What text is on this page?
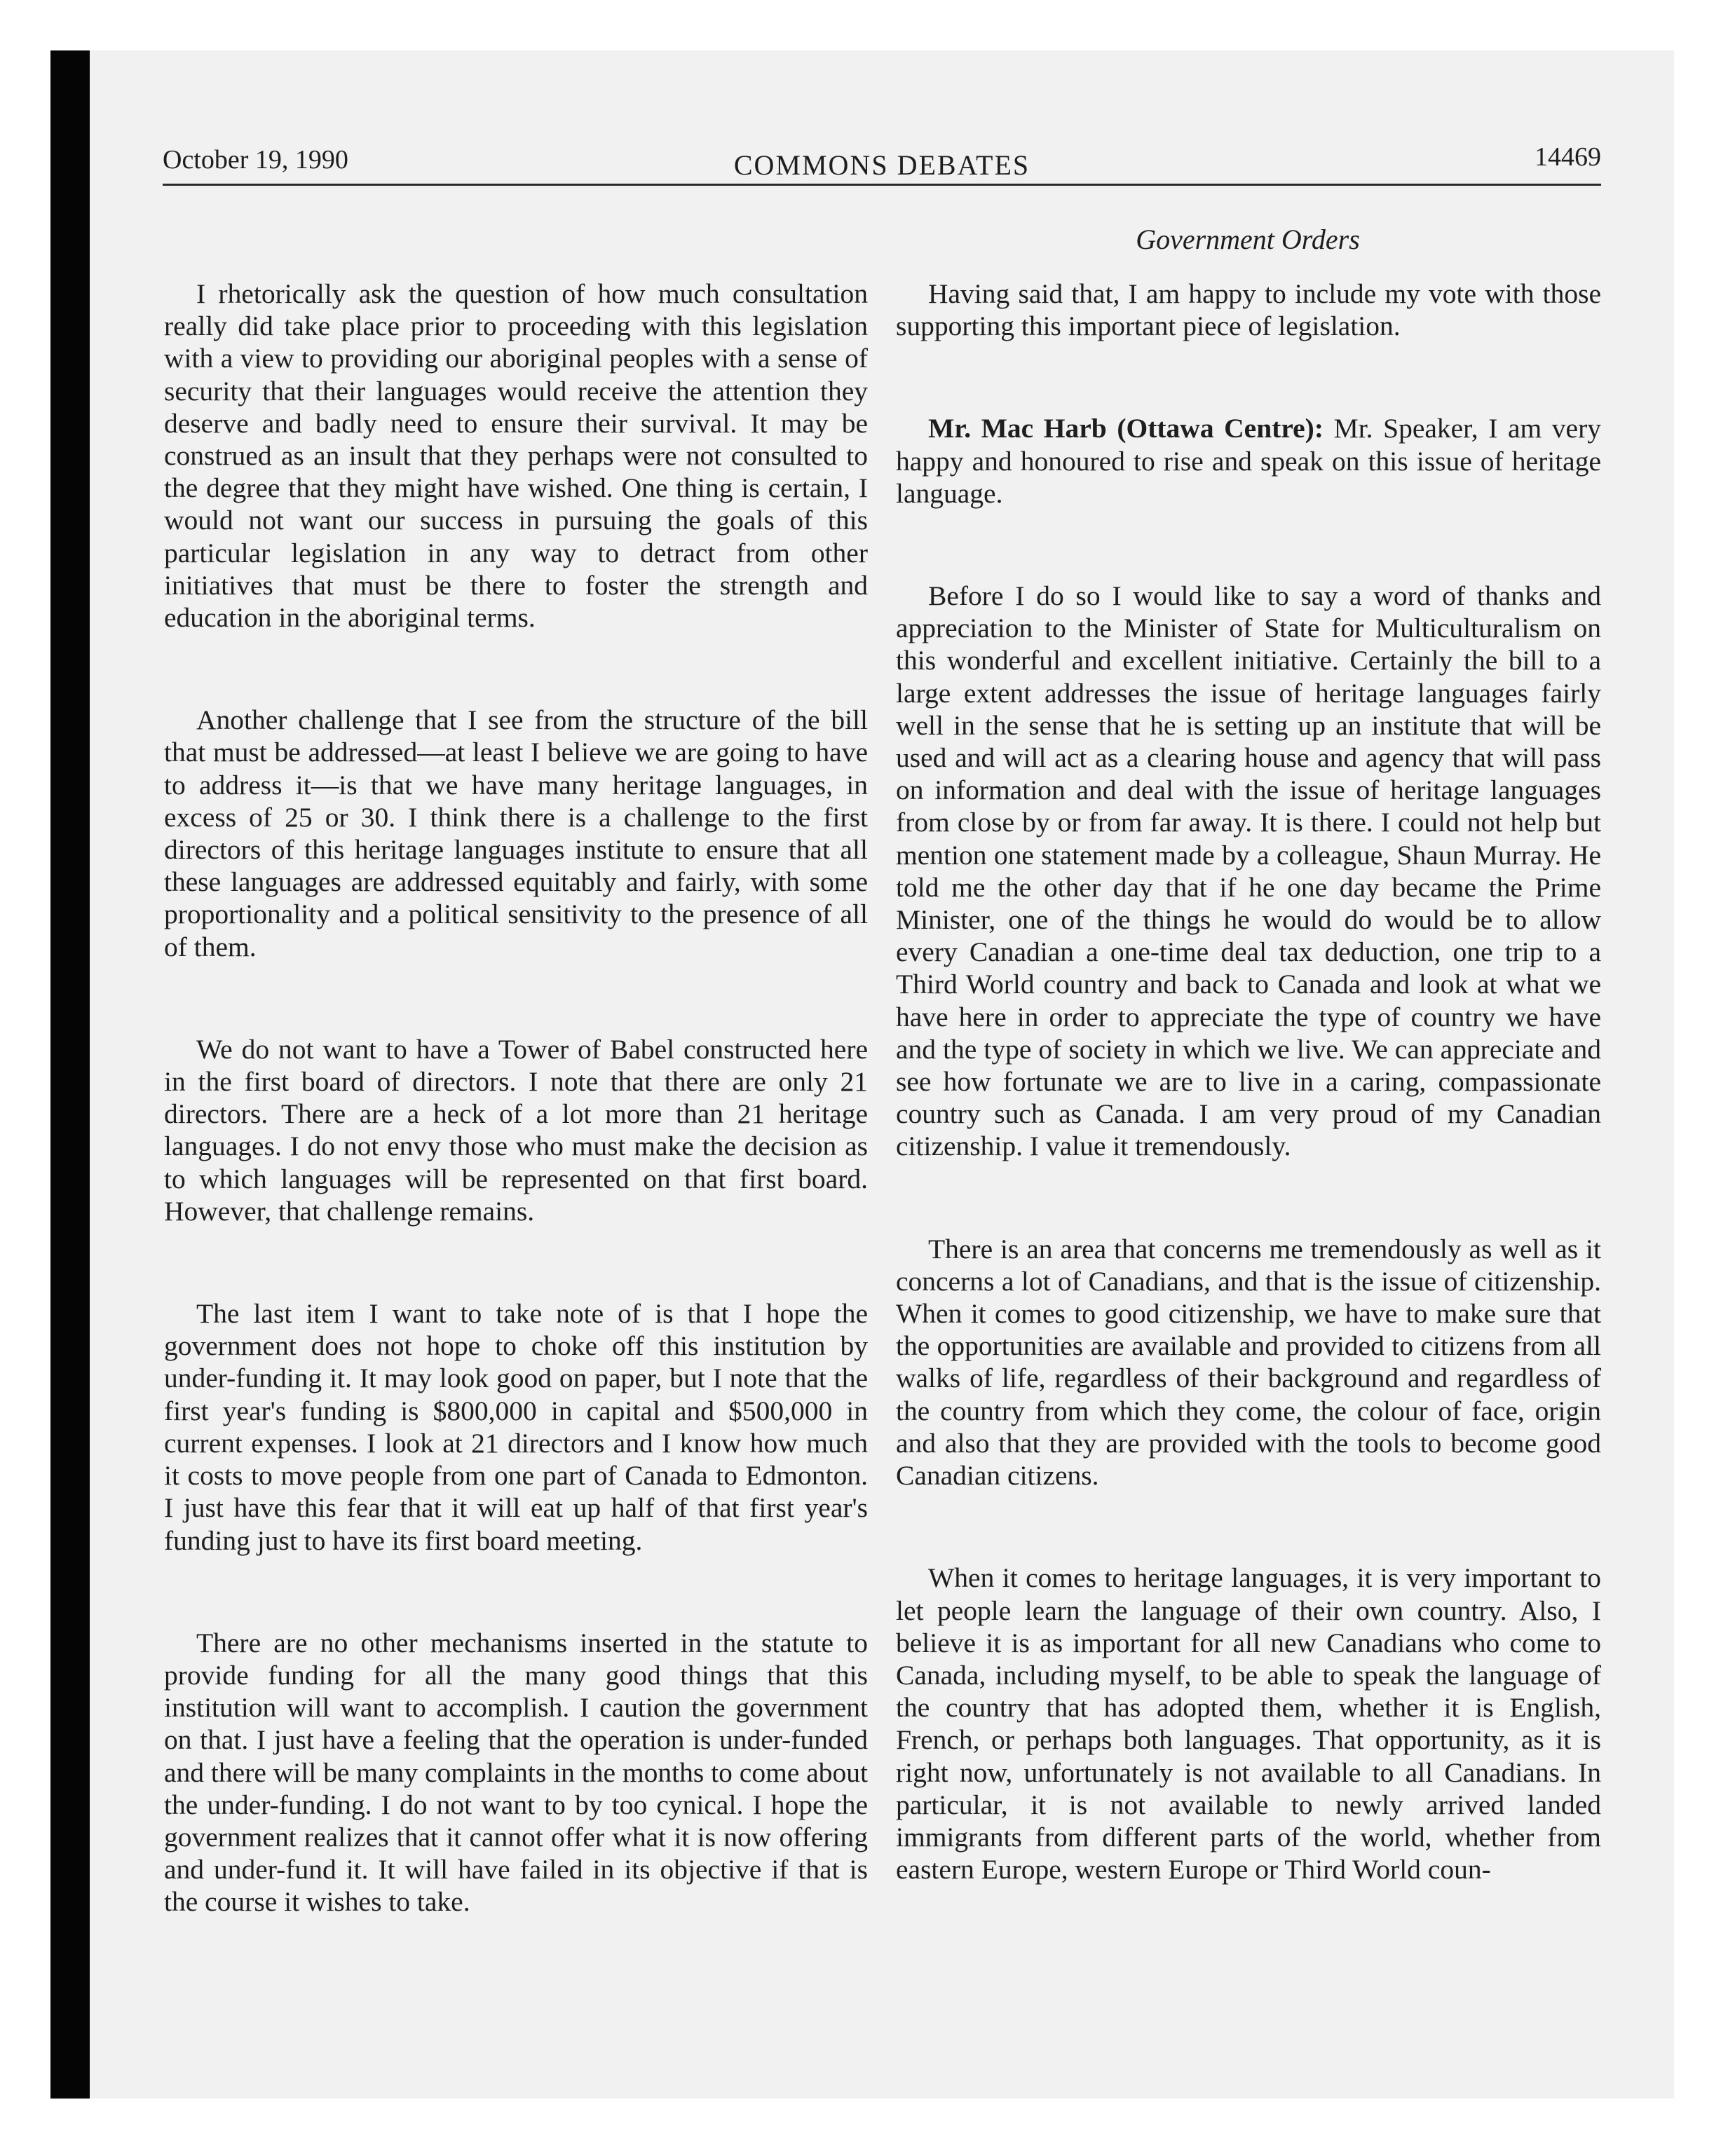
October 19, 1990	COMMONS DEBATES	14469
Government Orders

I rhetorically ask the question of how much consultation really did take place prior to proceeding with this legislation with a view to providing our aboriginal peoples with a sense of security that their languages would receive the attention they deserve and badly need to ensure their survival. It may be construed as an insult that they perhaps were not consulted to the degree that they might have wished. One thing is certain, I would not want our success in pursuing the goals of this particular legislation in any way to detract from other initiatives that must be there to foster the strength and education in the aboriginal terms.

Another challenge that I see from the structure of the bill that must be addressed—at least I believe we are going to have to address it—is that we have many heritage languages, in excess of 25 or 30. I think there is a challenge to the first directors of this heritage languages institute to ensure that all these languages are addressed equitably and fairly, with some proportionality and a political sensitivity to the presence of all of them.

We do not want to have a Tower of Babel constructed here in the first board of directors. I note that there are only 21 directors. There are a heck of a lot more than 21 heritage languages. I do not envy those who must make the decision as to which languages will be represented on that first board. However, that challenge remains.

The last item I want to take note of is that I hope the government does not hope to choke off this institution by under-funding it. It may look good on paper, but I note that the first year's funding is $800,000 in capital and $500,000 in current expenses. I look at 21 directors and I know how much it costs to move people from one part of Canada to Edmonton. I just have this fear that it will eat up half of that first year's funding just to have its first board meeting.

There are no other mechanisms inserted in the statute to provide funding for all the many good things that this institution will want to accomplish. I caution the government on that. I just have a feeling that the operation is under-funded and there will be many complaints in the months to come about the under-funding. I do not want to by too cynical. I hope the government realizes that it cannot offer what it is now offering and under-fund it. It will have failed in its objective if that is the course it wishes to take.

Having said that, I am happy to include my vote with those supporting this important piece of legislation.

Mr. Mac Harb (Ottawa Centre): Mr. Speaker, I am very happy and honoured to rise and speak on this issue of heritage language.

Before I do so I would like to say a word of thanks and appreciation to the Minister of State for Multiculturalism on this wonderful and excellent initiative. Certainly the bill to a large extent addresses the issue of heritage languages fairly well in the sense that he is setting up an institute that will be used and will act as a clearing house and agency that will pass on information and deal with the issue of heritage languages from close by or from far away. It is there. I could not help but mention one statement made by a colleague, Shaun Murray. He told me the other day that if he one day became the Prime Minister, one of the things he would do would be to allow every Canadian a one-time deal tax deduction, one trip to a Third World country and back to Canada and look at what we have here in order to appreciate the type of country we have and the type of society in which we live. We can appreciate and see how fortunate we are to live in a caring, compassionate country such as Canada. I am very proud of my Canadian citizenship. I value it tremendously.

There is an area that concerns me tremendously as well as it concerns a lot of Canadians, and that is the issue of citizenship. When it comes to good citizenship, we have to make sure that the opportunities are available and provided to citizens from all walks of life, regardless of their background and regardless of the country from which they come, the colour of face, origin and also that they are provided with the tools to become good Canadian citizens.

When it comes to heritage languages, it is very important to let people learn the language of their own country. Also, I believe it is as important for all new Canadians who come to Canada, including myself, to be able to speak the language of the country that has adopted them, whether it is English, French, or perhaps both languages. That opportunity, as it is right now, unfortunately is not available to all Canadians. In particular, it is not available to newly arrived landed immigrants from different parts of the world, whether from eastern Europe, western Europe or Third World coun-
